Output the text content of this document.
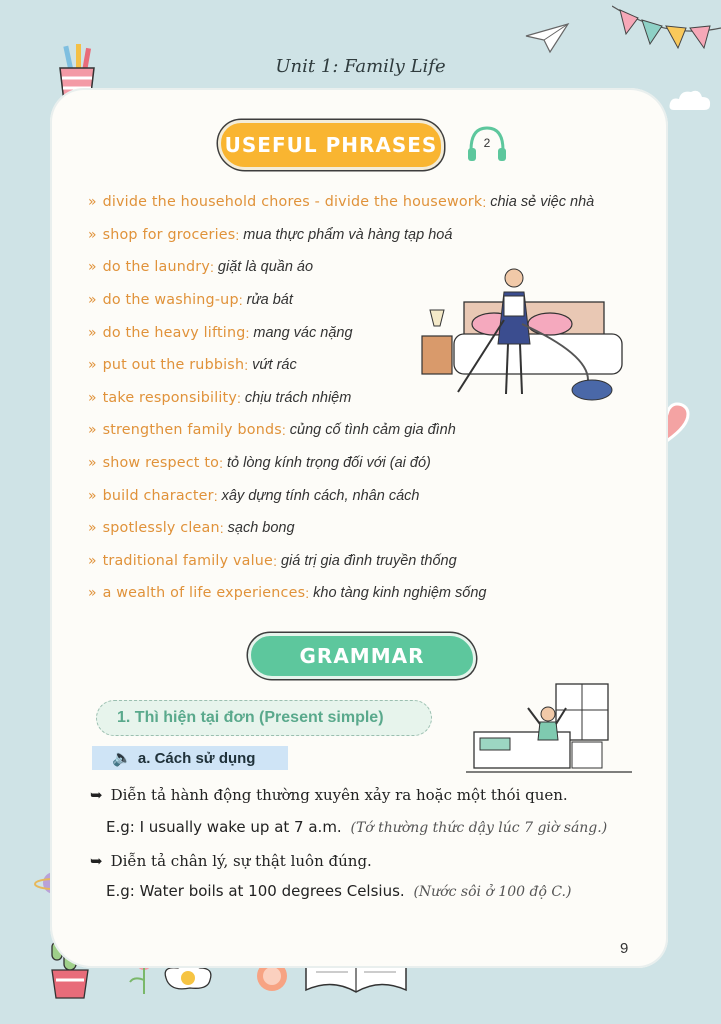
Unit 1: Family Life
USEFUL PHRASES	2
» divide the household chores - divide the housework : chia sẻ việc nhà
» shop for groceries : mua thực phẩm và hàng tạp hoá
» do the laundry : giặt là quần áo
» do the washing-up : rửa bát
» do the heavy lifting : mang vác nặng
» put out the rubbish : vứt rác
» take responsibility : chịu trách nhiệm
» strengthen family bonds : củng cố tình cảm gia đình
» show respect to : tỏ lòng kính trọng đối với (ai đó)
» build character : xây dựng tính cách, nhân cách
» spotlessly clean : sạch bong
» traditional family value : giá trị gia đình truyền thống
» a wealth of life experiences : kho tàng kinh nghiệm sống
GRAMMAR
1. Thì hiện tại đơn (Present simple)
🔈 a. Cách sử dụng
➥ Diễn tả hành động thường xuyên xảy ra hoặc một thói quen.
E.g: I usually wake up at 7 a.m. (Tớ thường thức dậy lúc 7 giờ sáng.)
➥ Diễn tả chân lý, sự thật luôn đúng.
E.g: Water boils at 100 degrees Celsius. (Nước sôi ở 100 độ C.)
9
